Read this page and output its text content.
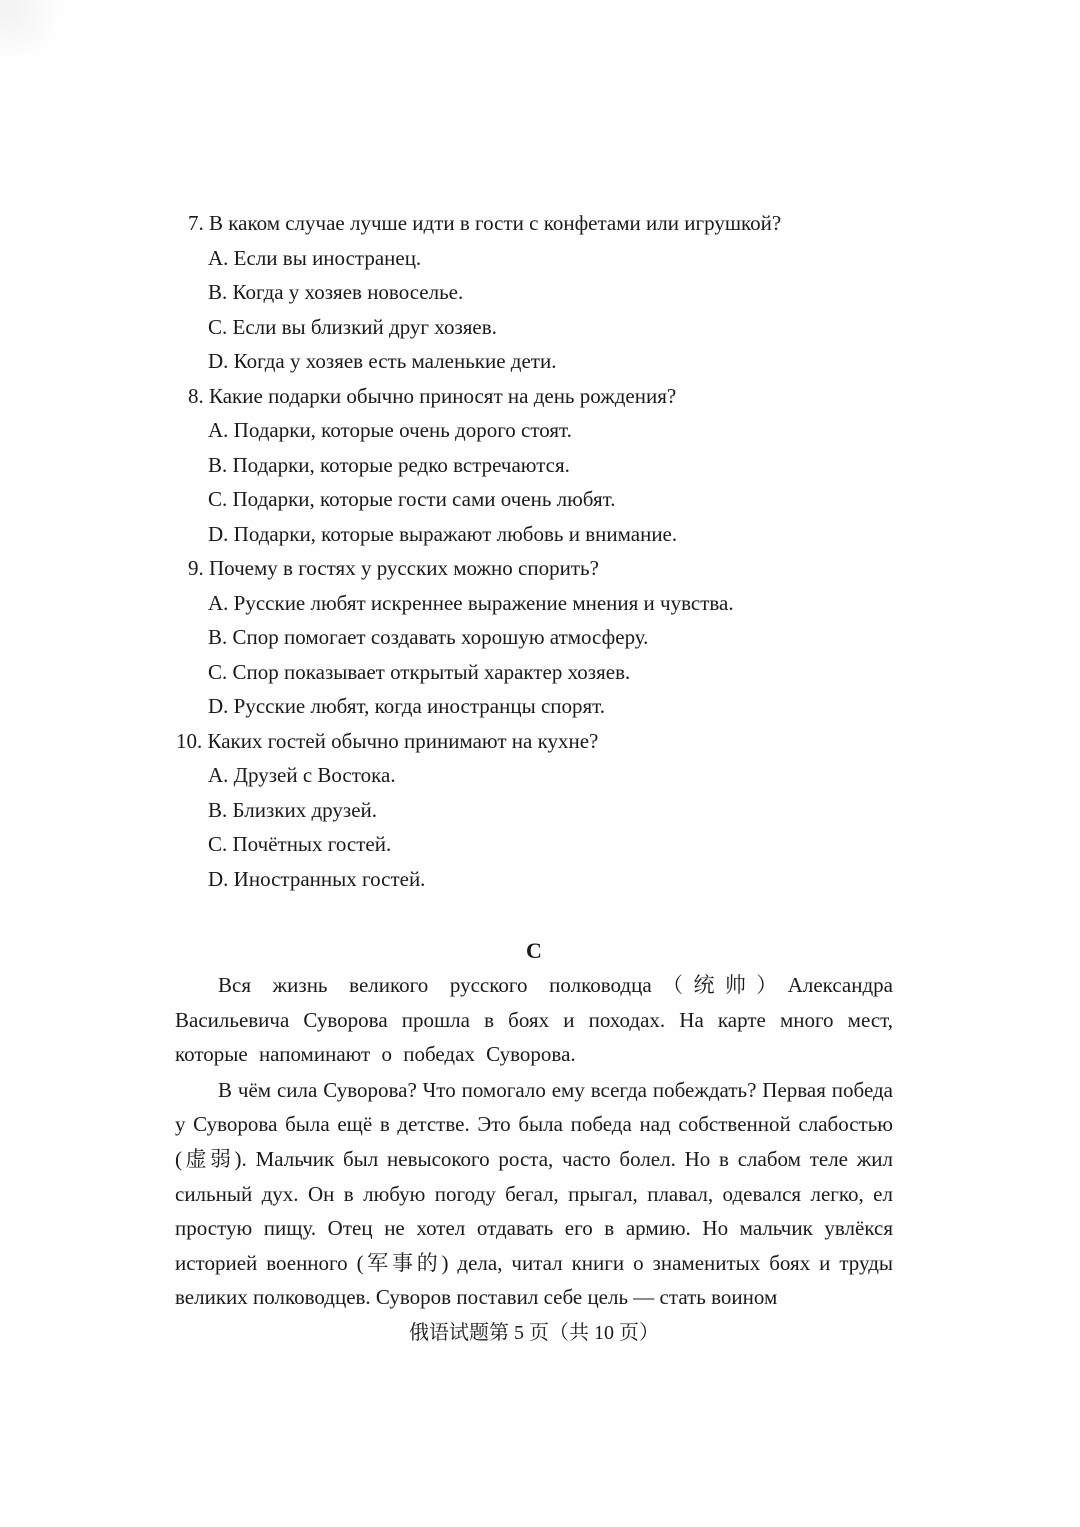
7. В каком случае лучше идти в гости с конфетами или игрушкой?
A. Если вы иностранец.
B. Когда у хозяев новоселье.
C. Если вы близкий друг хозяев.
D. Когда у хозяев есть маленькие дети.
8. Какие подарки обычно приносят на день рождения?
A. Подарки, которые очень дорого стоят.
B. Подарки, которые редко встречаются.
C. Подарки, которые гости сами очень любят.
D. Подарки, которые выражают любовь и внимание.
9. Почему в гостях у русских можно спорить?
A. Русские любят искреннее выражение мнения и чувства.
B. Спор помогает создавать хорошую атмосферу.
C. Спор показывает открытый характер хозяев.
D. Русские любят, когда иностранцы спорят.
10. Каких гостей обычно принимают на кухне?
A. Друзей с Востока.
B. Близких друзей.
C. Почётных гостей.
D. Иностранных гостей.
C

Вся жизнь великого русского полководца（统帅）Александра Васильевича Суворова прошла в боях и походах. На карте много мест, которые напоминают о победах Суворова.

В чём сила Суворова? Что помогало ему всегда побеждать? Первая победа у Суворова была ещё в детстве. Это была победа над собственной слабостью (虚弱). Мальчик был невысокого роста, часто болел. Но в слабом теле жил сильный дух. Он в любую погоду бегал, прыгал, плавал, одевался легко, ел простую пищу. Отец не хотел отдавать его в армию. Но мальчик увлёкся историей военного (军事的) дела, читал книги о знаменитых боях и труды великих полководцев. Суворов поставил себе цель — стать воином

俄语试题第 5 页（共 10 页）
